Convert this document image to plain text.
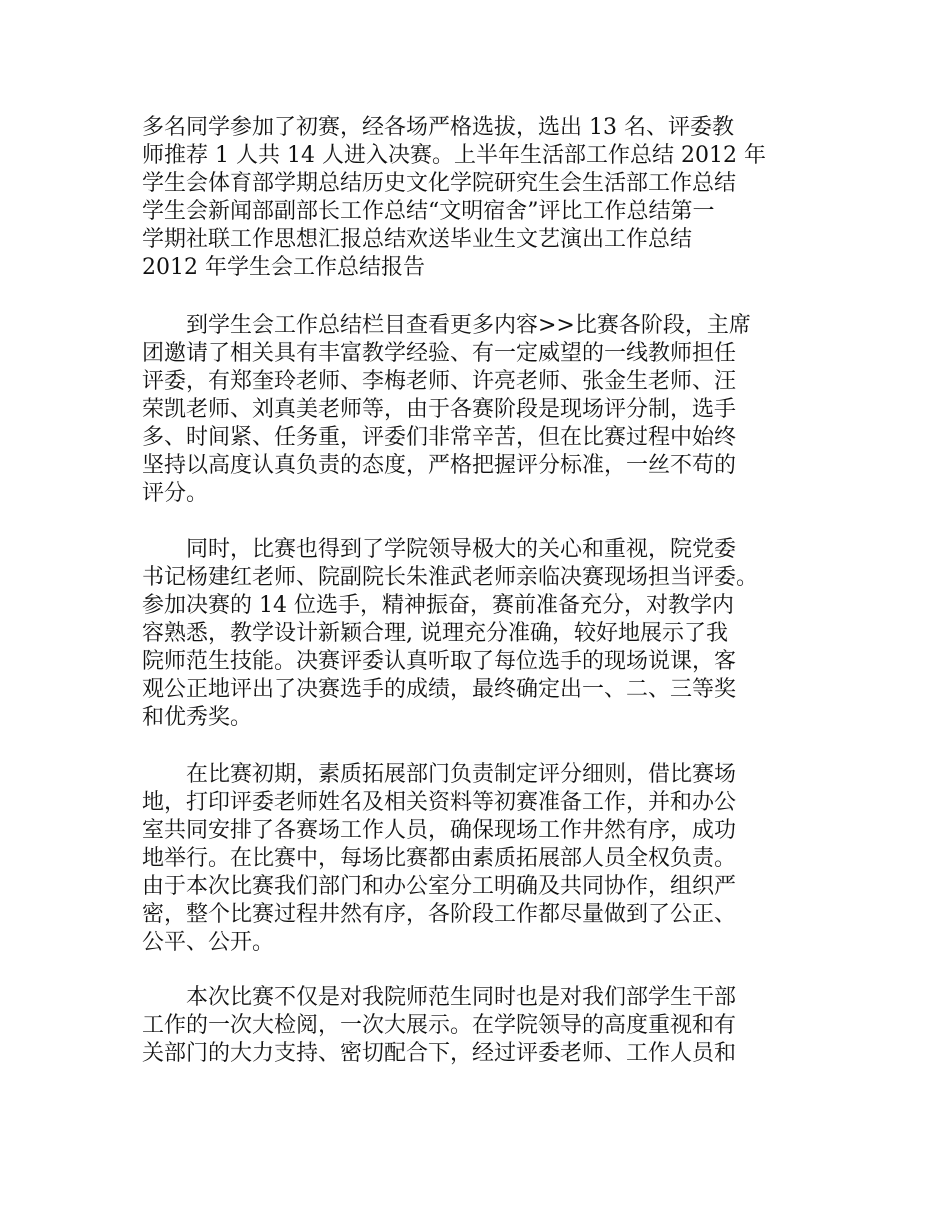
多名同学参加了初赛，经各场严格选拔，选出 13 名、评委教
师推荐 1 人共 14 人进入决赛。上半年生活部工作总结 2012 年
学生会体育部学期总结历史文化学院研究生会生活部工作总结
学生会新闻部副部长工作总结“文明宿舍”评比工作总结第一
学期社联工作思想汇报总结欢送毕业生文艺演出工作总结
2012 年学生会工作总结报告
到学生会工作总结栏目查看更多内容>>比赛各阶段，主席
团邀请了相关具有丰富教学经验、有一定威望的一线教师担任
评委，有郑奎玲老师、李梅老师、许亮老师、张金生老师、汪
荣凯老师、刘真美老师等，由于各赛阶段是现场评分制，选手
多、时间紧、任务重，评委们非常辛苦，但在比赛过程中始终
坚持以高度认真负责的态度，严格把握评分标准，一丝不苟的
评分。
同时，比赛也得到了学院领导极大的关心和重视，院党委
书记杨建红老师、院副院长朱淮武老师亲临决赛现场担当评委。
参加决赛的 14 位选手，精神振奋，赛前准备充分，对教学内
容熟悉，教学设计新颖合理, 说理充分准确，较好地展示了我
院师范生技能。决赛评委认真听取了每位选手的现场说课，客
观公正地评出了决赛选手的成绩，最终确定出一、二、三等奖
和优秀奖。
在比赛初期，素质拓展部门负责制定评分细则，借比赛场
地，打印评委老师姓名及相关资料等初赛准备工作，并和办公
室共同安排了各赛场工作人员，确保现场工作井然有序，成功
地举行。在比赛中，每场比赛都由素质拓展部人员全权负责。
由于本次比赛我们部门和办公室分工明确及共同协作，组织严
密，整个比赛过程井然有序，各阶段工作都尽量做到了公正、
公平、公开。
本次比赛不仅是对我院师范生同时也是对我们部学生干部
工作的一次大检阅，一次大展示。在学院领导的高度重视和有
关部门的大力支持、密切配合下，经过评委老师、工作人员和
